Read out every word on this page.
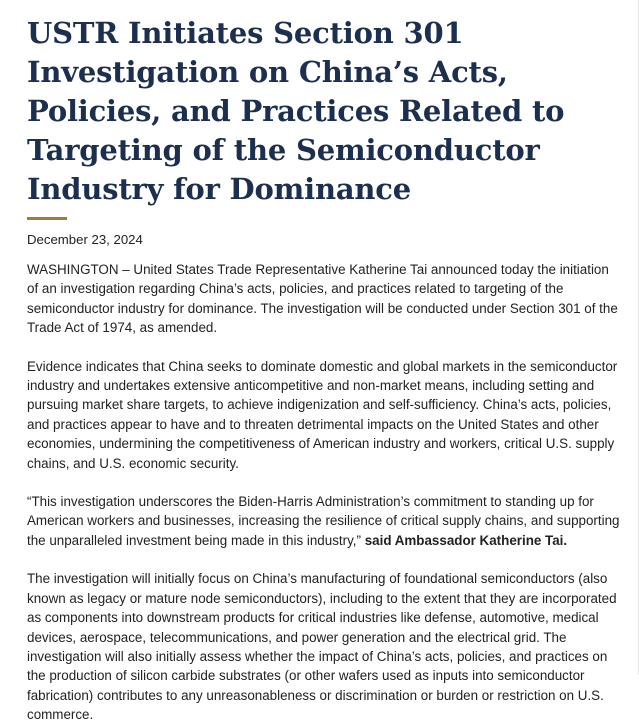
USTR Initiates Section 301 Investigation on China’s Acts, Policies, and Practices Related to Targeting of the Semiconductor Industry for Dominance
December 23, 2024

WASHINGTON – United States Trade Representative Katherine Tai announced today the initiation of an investigation regarding China’s acts, policies, and practices related to targeting of the semiconductor industry for dominance. The investigation will be conducted under Section 301 of the Trade Act of 1974, as amended.

Evidence indicates that China seeks to dominate domestic and global markets in the semiconductor industry and undertakes extensive anticompetitive and non-market means, including setting and pursuing market share targets, to achieve indigenization and self-sufficiency. China’s acts, policies, and practices appear to have and to threaten detrimental impacts on the United States and other economies, undermining the competitiveness of American industry and workers, critical U.S. supply chains, and U.S. economic security.

“This investigation underscores the Biden-Harris Administration’s commitment to standing up for American workers and businesses, increasing the resilience of critical supply chains, and supporting the unparalleled investment being made in this industry,” said Ambassador Katherine Tai.

The investigation will initially focus on China’s manufacturing of foundational semiconductors (also known as legacy or mature node semiconductors), including to the extent that they are incorporated as components into downstream products for critical industries like defense, automotive, medical devices, aerospace, telecommunications, and power generation and the electrical grid. The investigation will also initially assess whether the impact of China’s acts, policies, and practices on the production of silicon carbide substrates (or other wafers used as inputs into semiconductor fabrication) contributes to any unreasonableness or discrimination or burden or restriction on U.S. commerce.
